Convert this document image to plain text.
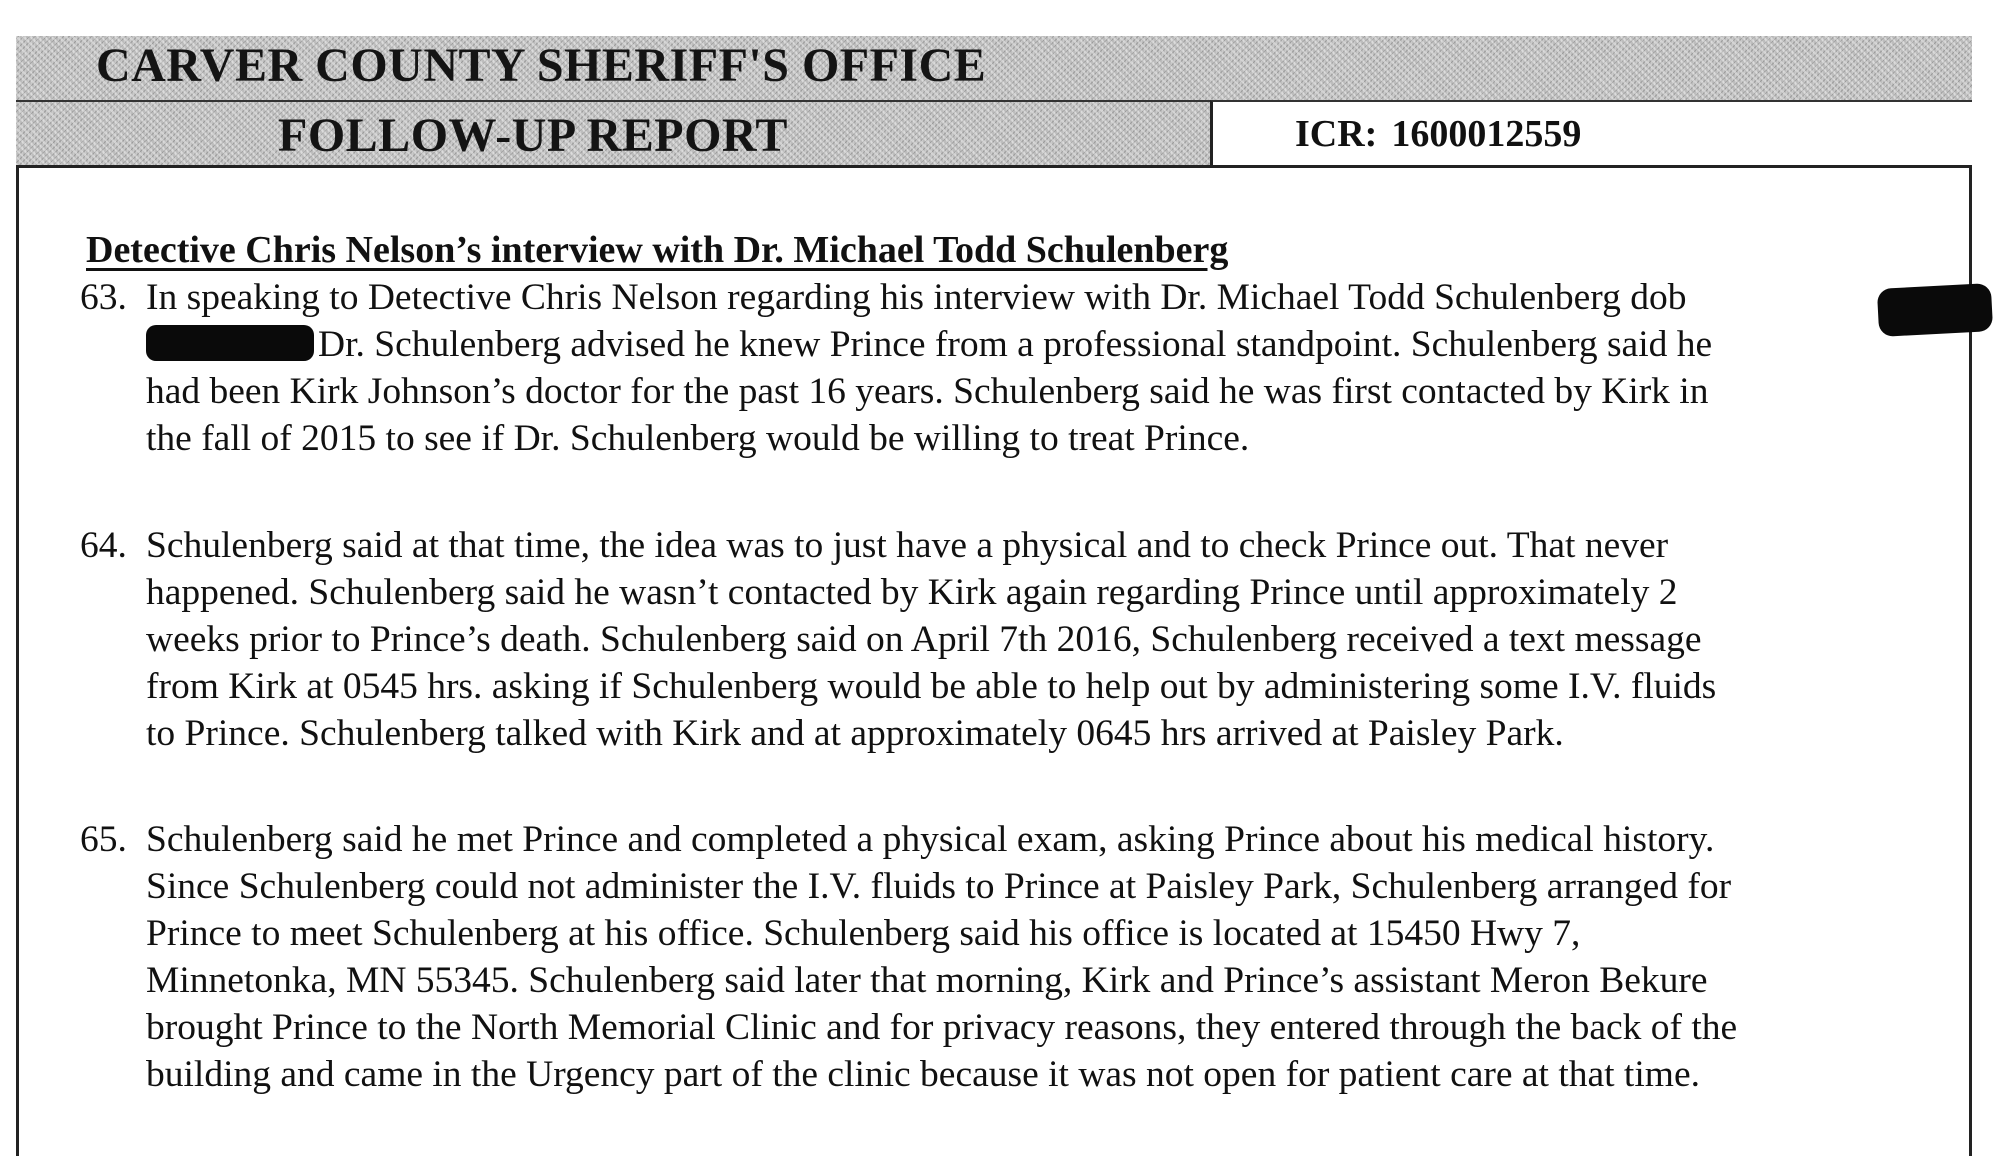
CARVER COUNTY SHERIFF'S OFFICE
FOLLOW-UP REPORT	ICR: 1600012559
Detective Chris Nelson’s interview with Dr. Michael Todd Schulenberg
63. In speaking to Detective Chris Nelson regarding his interview with Dr. Michael Todd Schulenberg dob
Dr. Schulenberg advised he knew Prince from a professional standpoint. Schulenberg said he
had been Kirk Johnson’s doctor for the past 16 years. Schulenberg said he was first contacted by Kirk in
the fall of 2015 to see if Dr. Schulenberg would be willing to treat Prince.
64. Schulenberg said at that time, the idea was to just have a physical and to check Prince out. That never
happened. Schulenberg said he wasn’t contacted by Kirk again regarding Prince until approximately 2
weeks prior to Prince’s death. Schulenberg said on April 7th 2016, Schulenberg received a text message
from Kirk at 0545 hrs. asking if Schulenberg would be able to help out by administering some I.V. fluids
to Prince. Schulenberg talked with Kirk and at approximately 0645 hrs arrived at Paisley Park.
65. Schulenberg said he met Prince and completed a physical exam, asking Prince about his medical history.
Since Schulenberg could not administer the I.V. fluids to Prince at Paisley Park, Schulenberg arranged for
Prince to meet Schulenberg at his office. Schulenberg said his office is located at 15450 Hwy 7,
Minnetonka, MN 55345. Schulenberg said later that morning, Kirk and Prince’s assistant Meron Bekure
brought Prince to the North Memorial Clinic and for privacy reasons, they entered through the back of the
building and came in the Urgency part of the clinic because it was not open for patient care at that time.
